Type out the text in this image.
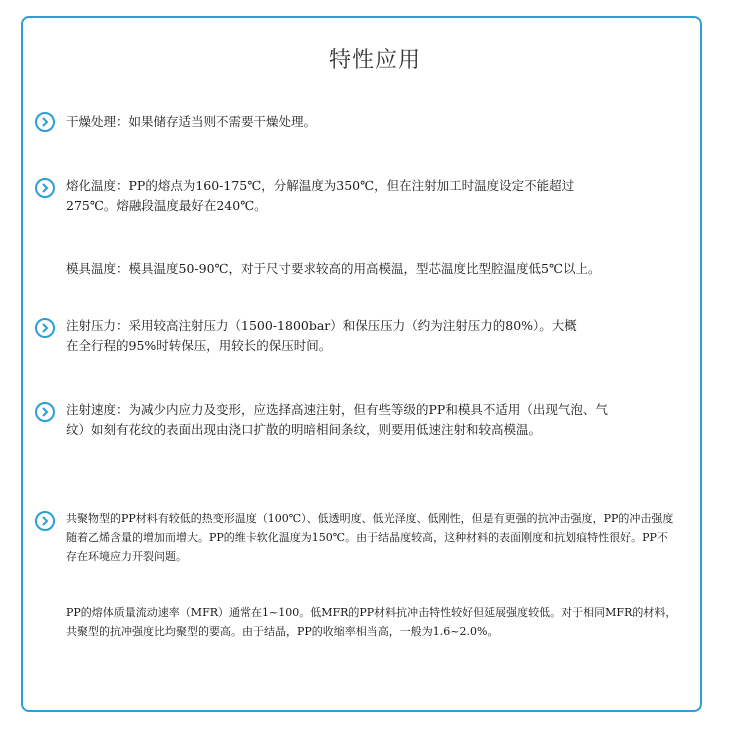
特性应用

干燥处理：如果储存适当则不需要干燥处理。

熔化温度：PP的熔点为160-175℃，分解温度为350℃，但在注射加工时温度设定不能超过275℃。熔融段温度最好在240℃。

模具温度：模具温度50-90℃，对于尺寸要求较高的用高模温，型芯温度比型腔温度低5℃以上。

注射压力：采用较高注射压力（1500-1800bar）和保压压力（约为注射压力的80%）。大概在全行程的95%时转保压，用较长的保压时间。

注射速度：为减少内应力及变形，应选择高速注射，但有些等级的PP和模具不适用（出现气泡、气纹）如刻有花纹的表面出现由浇口扩散的明暗相间条纹，则要用低速注射和较高模温。

共聚物型的PP材料有较低的热变形温度（100℃）、低透明度、低光泽度、低刚性，但是有更强的抗冲击强度，PP的冲击强度随着乙烯含量的增加而增大。PP的维卡软化温度为150℃。由于结晶度较高，这种材料的表面刚度和抗划痕特性很好。PP不存在环境应力开裂问题。

PP的熔体质量流动速率（MFR）通常在1~100。低MFR的PP材料抗冲击特性较好但延展强度较低。对于相同MFR的材料，共聚型的抗冲强度比均聚型的要高。由于结晶，PP的收缩率相当高，一般为1.6~2.0%。
